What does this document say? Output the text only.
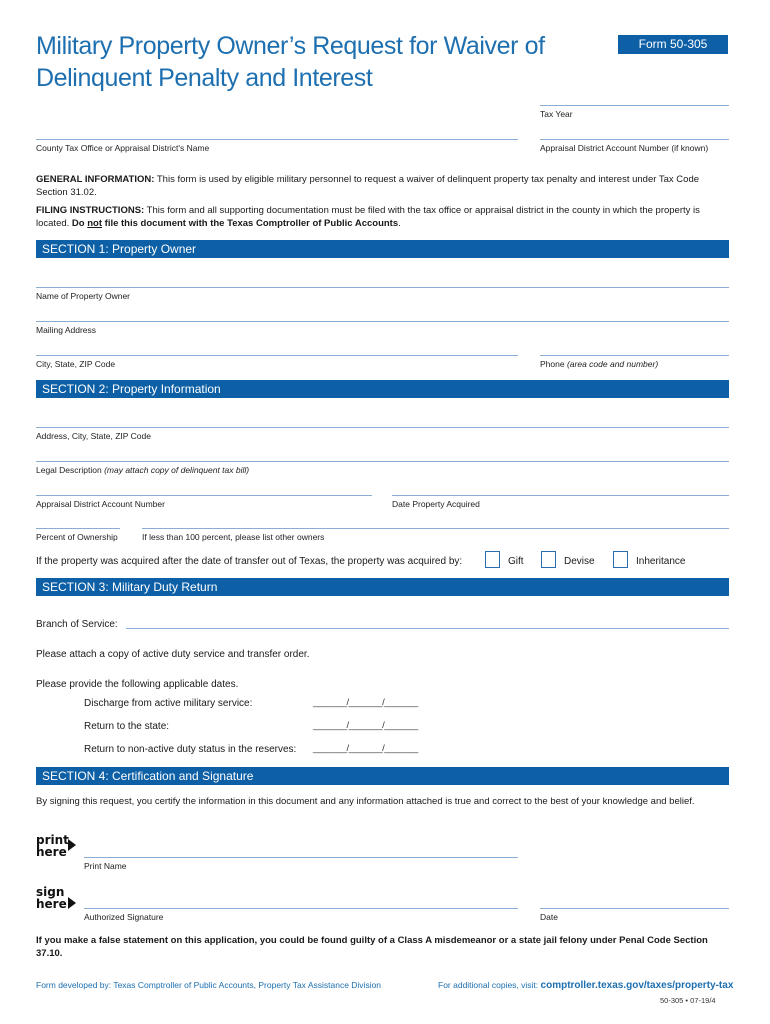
Military Property Owner’s Request for Waiver of
Delinquent Penalty and Interest
Form 50-305
Tax Year
County Tax Office or Appraisal District's Name	Appraisal District Account Number (if known)
GENERAL INFORMATION: This form is used by eligible military personnel to request a waiver of delinquent property tax penalty and interest under Tax Code Section 31.02.
FILING INSTRUCTIONS: This form and all supporting documentation must be filed with the tax office or appraisal district in the county in which the property is located. Do not file this document with the Texas Comptroller of Public Accounts.
SECTION 1: Property Owner
Name of Property Owner
Mailing Address
City, State, ZIP Code	Phone (area code and number)
SECTION 2: Property Information
Address, City, State, ZIP Code
Legal Description (may attach copy of delinquent tax bill)
Appraisal District Account Number	Date Property Acquired
Percent of Ownership	If less than 100 percent, please list other owners
If the property was acquired after the date of transfer out of Texas, the property was acquired by:	Gift	Devise	Inheritance
SECTION 3: Military Duty Return
Branch of Service:
Please attach a copy of active duty service and transfer order.
Please provide the following applicable dates.
Discharge from active military service:	_______/_______/_______
Return to the state:	_______/_______/_______
Return to non-active duty status in the reserves: _______/_______/_______
SECTION 4: Certification and Signature
By signing this request, you certify the information in this document and any information attached is true and correct to the best of your knowledge and belief.
print
here
Print Name
sign
here
Authorized Signature	Date
If you make a false statement on this application, you could be found guilty of a Class A misdemeanor or a state jail felony under Penal Code Section 37.10.
Form developed by: Texas Comptroller of Public Accounts, Property Tax Assistance Division	For additional copies, visit: comptroller.texas.gov/taxes/property-tax
50-305 • 07-19/4
